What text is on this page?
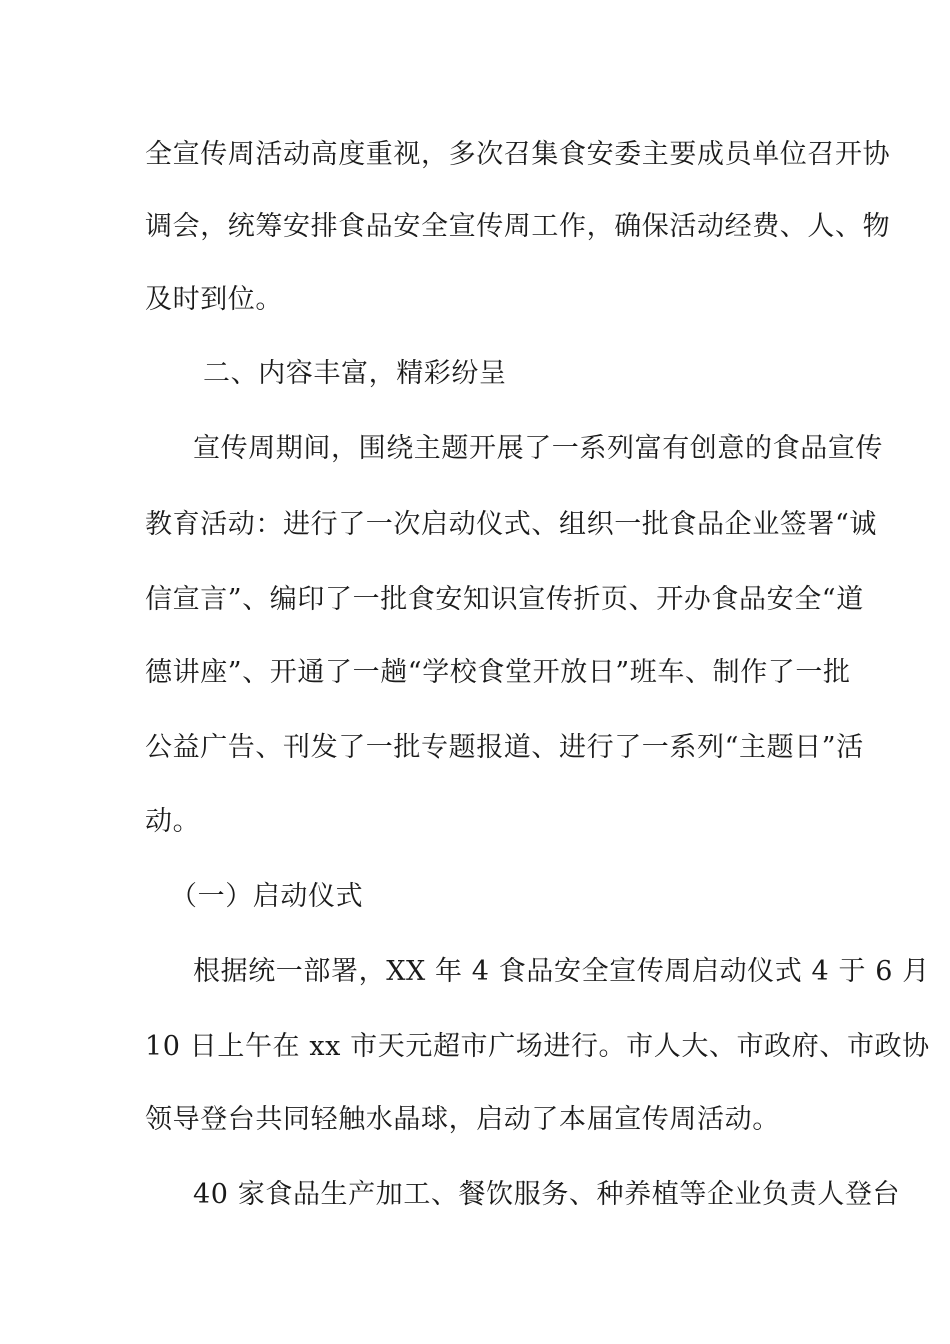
全宣传周活动高度重视，多次召集食安委主要成员单位召开协
调会，统筹安排食品安全宣传周工作，确保活动经费、人、物
及时到位。
二、内容丰富，精彩纷呈
宣传周期间，围绕主题开展了一系列富有创意的食品宣传
教育活动：进行了一次启动仪式、组织一批食品企业签署“诚
信宣言”、编印了一批食安知识宣传折页、开办食品安全“道
德讲座”、开通了一趟“学校食堂开放日”班车、制作了一批
公益广告、刊发了一批专题报道、进行了一系列“主题日”活
动。
（一）启动仪式
根据统一部署，XX 年 4 食品安全宣传周启动仪式 4 于 6 月
10 日上午在 xx 市天元超市广场进行。市人大、市政府、市政协
领导登台共同轻触水晶球，启动了本届宣传周活动。
40 家食品生产加工、餐饮服务、种养植等企业负责人登台
